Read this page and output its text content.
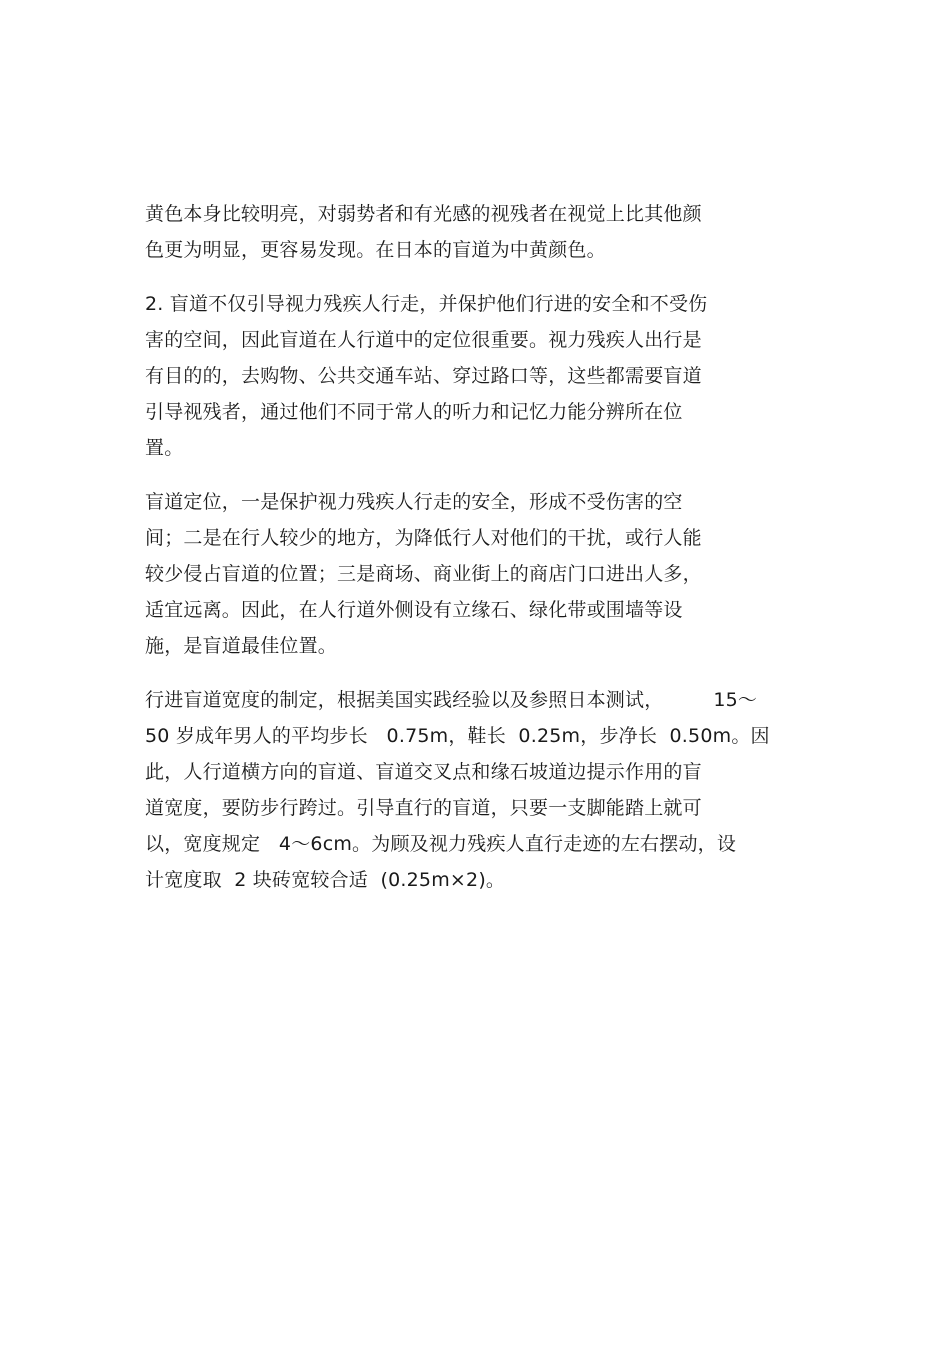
黄色本身比较明亮，对弱势者和有光感的视残者在视觉上比其他颜
色更为明显，更容易发现。在日本的盲道为中黄颜色。
2. 盲道不仅引导视力残疾人行走，并保护他们行进的安全和不受伤
害的空间，因此盲道在人行道中的定位很重要。视力残疾人出行是
有目的的，去购物、公共交通车站、穿过路口等，这些都需要盲道
引导视残者，通过他们不同于常人的听力和记忆力能分辨所在位
置。
盲道定位，一是保护视力残疾人行走的安全，形成不受伤害的空
间；二是在行人较少的地方，为降低行人对他们的干扰，或行人能
较少侵占盲道的位置；三是商场、商业街上的商店门口进出人多，
适宜远离。因此，在人行道外侧设有立缘石、绿化带或围墙等设
施，是盲道最佳位置。
行进盲道宽度的制定，根据美国实践经验以及参照日本测试，        15～
50 岁成年男人的平均步长   0.75m，鞋长  0.25m，步净长  0.50m。因
此，人行道横方向的盲道、盲道交叉点和缘石坡道边提示作用的盲
道宽度，要防步行跨过。引导直行的盲道，只要一支脚能踏上就可
以，宽度规定   4～6cm。为顾及视力残疾人直行走迹的左右摆动，设
计宽度取  2 块砖宽较合适  (0.25m×2)。
